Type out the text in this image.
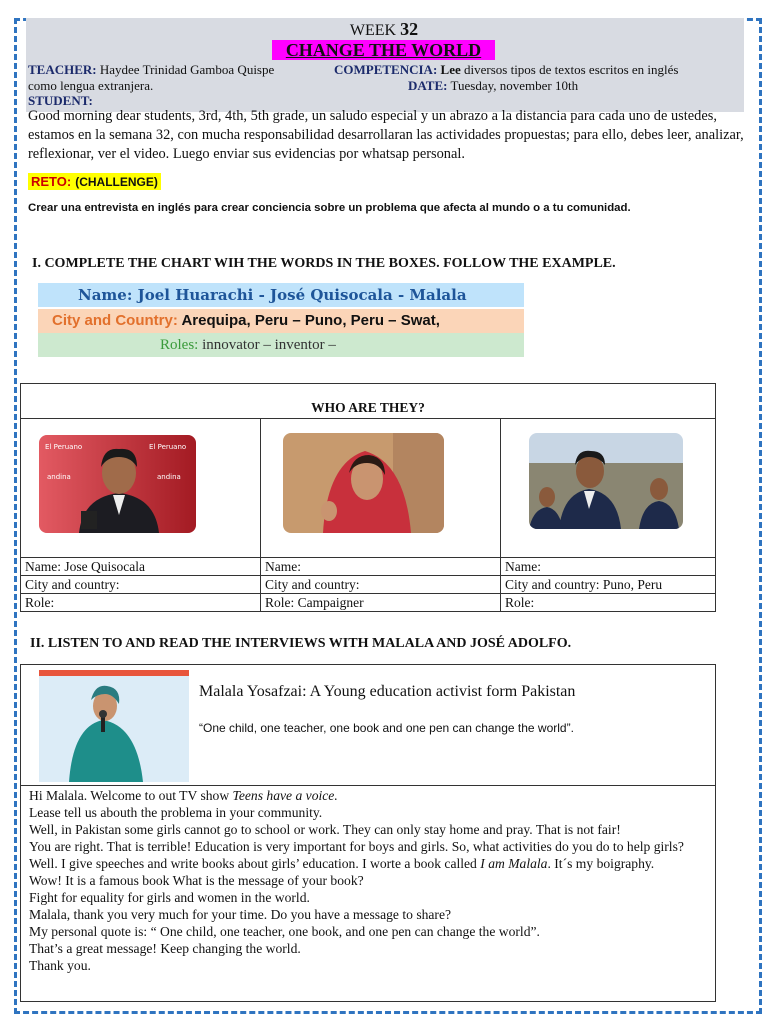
WEEK 32
CHANGE THE WORLD
TEACHER: Haydee Trinidad Gamboa Quispe	COMPETENCIA: Lee diversos tipos de textos escritos en inglés
como lengua extranjera.	DATE: Tuesday, november 10th
STUDENT:
Good morning dear students, 3rd, 4th, 5th grade, un saludo especial y un abrazo a la distancia para cada uno de ustedes, estamos en la semana 32, con mucha responsabilidad desarrollaran las actividades propuestas; para ello, debes leer, analizar, reflexionar, ver el video. Luego enviar sus evidencias por whatsap personal.
RETO: (CHALLENGE)
Crear una entrevista en inglés para crear conciencia sobre un problema que afecta al mundo o a tu comunidad.
I. COMPLETE THE CHART WIH THE WORDS IN THE BOXES. FOLLOW THE EXAMPLE.
Name: Joel Huarachi - José Quisocala - Malala
City and Country: Arequipa, Peru – Puno, Peru – Swat,
Roles: innovator – inventor –
WHO ARE THEY?		

El Peruano El Peruano
andina andina

Name: Jose Quisocala	Name:	Name:
City and country:	City and country:	City and country: Puno, Peru
Role:	Role: Campaigner	Role:
II. LISTEN TO AND READ THE INTERVIEWS WITH MALALA AND JOSÉ ADOLFO.
Malala Yosafzai: A Young education activist form Pakistan
“One child, one teacher, one book and one pen can change the world”.
Hi Malala. Welcome to out TV show Teens have a voice.
Lease tell us abouth the problema in your community.
Well, in Pakistan some girls cannot go to school or work. They can only stay home and pray. That is not fair!
You are right. That is terrible! Education is very important for boys and girls. So, what activities do you do to help girls?
Well. I give speeches and write books about girls’ education. I worte a book called I am Malala. It´s my boigraphy.
Wow! It is a famous book What is the message of your book?
Fight for equality for girls and women in the world.
Malala, thank you very much for your time. Do you have a message to share?
My personal quote is: “ One child, one teacher, one book, and one pen can change the world”.
That’s a great message! Keep changing the world.
Thank you.
